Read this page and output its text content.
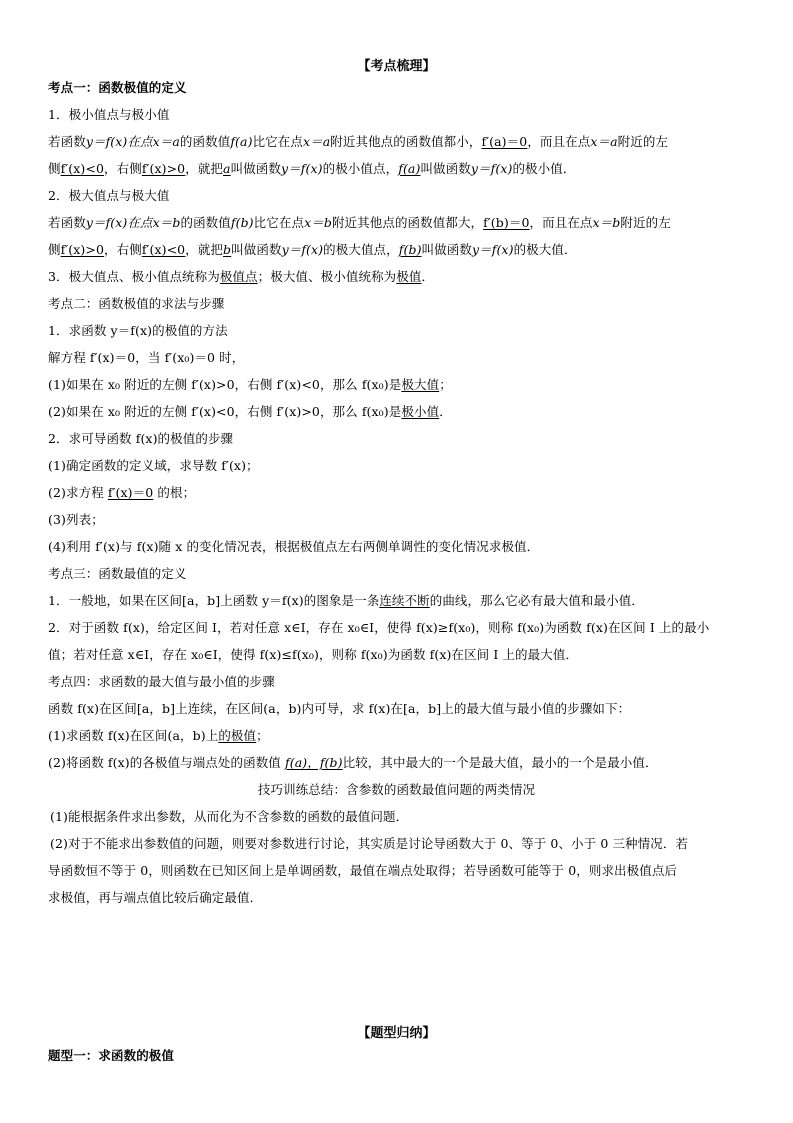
【考点梳理】
考点一：函数极值的定义
1．极小值点与极小值
若函数y＝f(x)在点x＝a的函数值f(a)比它在点x＝a附近其他点的函数值都小，f′(a)＝0，而且在点x＝a附近的左
侧f′(x)<0，右侧f′(x)>0，就把a叫做函数y＝f(x)的极小值点，f(a)叫做函数y＝f(x)的极小值．
2．极大值点与极大值
若函数y＝f(x)在点x＝b的函数值f(b)比它在点x＝b附近其他点的函数值都大，f′(b)＝0，而且在点x＝b附近的左
侧f′(x)>0，右侧f′(x)<0，就把b叫做函数y＝f(x)的极大值点，f(b)叫做函数y＝f(x)的极大值．
3．极大值点、极小值点统称为极值点；极大值、极小值统称为极值．
考点二：函数极值的求法与步骤
1．求函数 y＝f(x)的极值的方法
解方程 f′(x)＝0，当 f′(x₀)＝0 时，
(1)如果在 x₀ 附近的左侧 f′(x)>0，右侧 f′(x)<0，那么 f(x₀)是极大值；
(2)如果在 x₀ 附近的左侧 f′(x)<0，右侧 f′(x)>0，那么 f(x₀)是极小值．
2．求可导函数 f(x)的极值的步骤
(1)确定函数的定义域，求导数 f′(x)；
(2)求方程 f′(x)＝0 的根；
(3)列表；
(4)利用 f′(x)与 f(x)随 x 的变化情况表，根据极值点左右两侧单调性的变化情况求极值．
考点三：函数最值的定义
1．一般地，如果在区间[a，b]上函数 y＝f(x)的图象是一条连续不断的曲线，那么它必有最大值和最小值．
2．对于函数 f(x)，给定区间 I，若对任意 x∈I，存在 x₀∈I，使得 f(x)≥f(x₀)，则称 f(x₀)为函数 f(x)在区间 I 上的最小
值；若对任意 x∈I，存在 x₀∈I，使得 f(x)≤f(x₀)，则称 f(x₀)为函数 f(x)在区间 I 上的最大值．
考点四：求函数的最大值与最小值的步骤
函数 f(x)在区间[a，b]上连续，在区间(a，b)内可导，求 f(x)在[a，b]上的最大值与最小值的步骤如下：
(1)求函数 f(x)在区间(a，b)上的极值；
(2)将函数 f(x)的各极值与端点处的函数值 f(a)，f(b)比较，其中最大的一个是最大值，最小的一个是最小值．
技巧训练总结：含参数的函数最值问题的两类情况
(1)能根据条件求出参数，从而化为不含参数的函数的最值问题．
(2)对于不能求出参数值的问题，则要对参数进行讨论，其实质是讨论导函数大于 0、等于 0、小于 0 三种情况．若
导函数恒不等于 0，则函数在已知区间上是单调函数，最值在端点处取得；若导函数可能等于 0，则求出极值点后
求极值，再与端点值比较后确定最值．
【题型归纳】
题型一：求函数的极值
